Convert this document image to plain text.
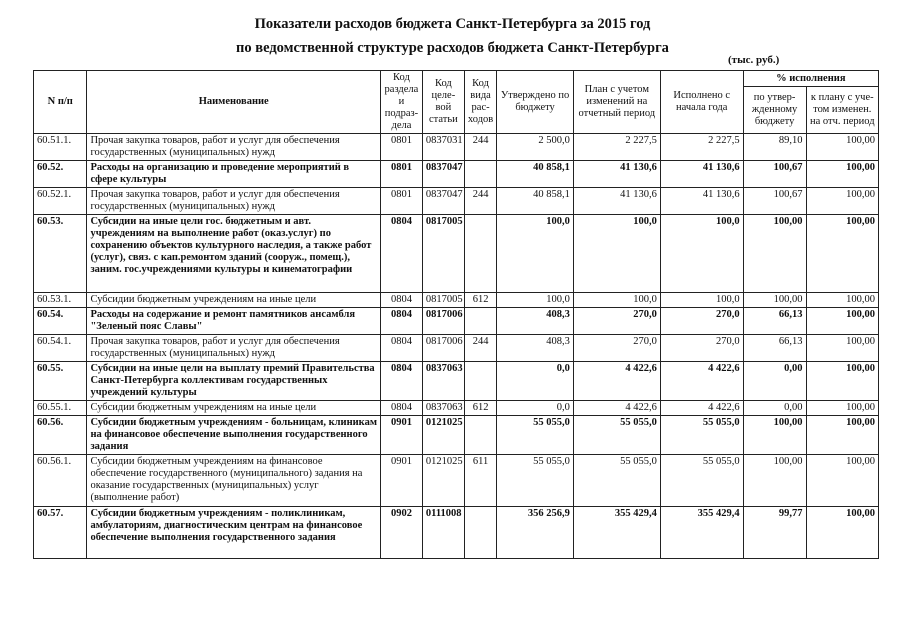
Показатели расходов бюджета Санкт-Петербурга за 2015 год
по ведомственной структуре расходов бюджета Санкт-Петербурга
(тыс. руб.)
N п/п	Наименование	Код раздела и подраз- дела	Код целе- вой статьи	Код вида рас- ходов	Утверждено по бюджету	План с учетом изменений на отчетный период	Исполнено с начала года	% исполнения	
								по утвер- жденному бюджету	к плану с уче- том изменен. на отч. период
60.51.1.	Прочая закупка товаров, работ и услуг для обеспечения государственных (муниципальных) нужд	0801	0837031	244	2 500,0	2 227,5	2 227,5	89,10	100,00
60.52.	Расходы на организацию и проведение мероприятий в сфере культуры	0801	0837047		40 858,1	41 130,6	41 130,6	100,67	100,00
60.52.1.	Прочая закупка товаров, работ и услуг для обеспечения государственных (муниципальных) нужд	0801	0837047	244	40 858,1	41 130,6	41 130,6	100,67	100,00
60.53.	Субсидии на иные цели гос. бюджетным и авт. учреждениям на выполнение работ (оказ.услуг) по сохранению объектов культурного наследия, а также работ (услуг), связ. с кап.ремонтом зданий (сооруж., помещ.), заним. гос.учреждениями культуры и кинематографии	0804	0817005		100,0	100,0	100,0	100,00	100,00
60.53.1.	Субсидии бюджетным учреждениям на иные цели	0804	0817005	612	100,0	100,0	100,0	100,00	100,00
60.54.	Расходы на содержание и ремонт памятников ансамбля "Зеленый пояс Славы"	0804	0817006		408,3	270,0	270,0	66,13	100,00
60.54.1.	Прочая закупка товаров, работ и услуг для обеспечения государственных (муниципальных) нужд	0804	0817006	244	408,3	270,0	270,0	66,13	100,00
60.55.	Субсидии на иные цели на выплату премий Правительства Санкт-Петербурга коллективам государственных учреждений культуры	0804	0837063		0,0	4 422,6	4 422,6	0,00	100,00
60.55.1.	Субсидии бюджетным учреждениям на иные цели	0804	0837063	612	0,0	4 422,6	4 422,6	0,00	100,00
60.56.	Субсидии бюджетным учреждениям - больницам, клиникам на финансовое обеспечение выполнения государственного задания	0901	0121025		55 055,0	55 055,0	55 055,0	100,00	100,00
60.56.1.	Субсидии бюджетным учреждениям на финансовое обеспечение государственного (муниципального) задания на оказание государственных (муниципальных) услуг (выполнение работ)	0901	0121025	611	55 055,0	55 055,0	55 055,0	100,00	100,00
60.57.	Субсидии бюджетным учреждениям - поликлиникам, амбулаториям, диагностическим центрам на финансовое обеспечение выполнения государственного задания	0902	0111008		356 256,9	355 429,4	355 429,4	99,77	100,00
